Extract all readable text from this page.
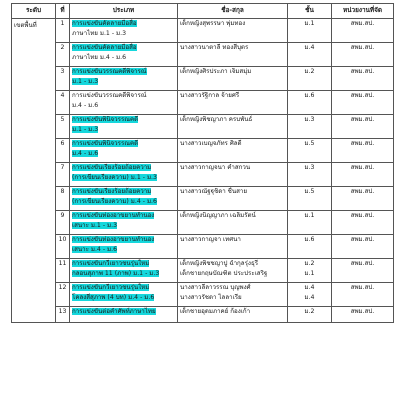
ระดับ	ที่	ประเภท	ชื่อ-สกุล	ชั้น	หน่วยงานที่จัด

เขตพื้นที่	1	การแข่งขันคัดลายมือสื่อ
ภาษาไทย ม.1 - ม.3	เด็กหญิงสุพรรษา พุ่มทอง	ม.1	สพม.สป.
	2	การแข่งขันคัดลายมือสื่อ
ภาษาไทย ม.4 - ม.6	นางสาวนาตาลี ทองสีบุตร	ม.4	สพม.สป.
	3	การแข่งขันวรรณคดีพิจารณ์
ม.1 - ม.3	เด็กหญิงศิรประภา เจิมสมุ่ม	ม.2	สพม.สป.
	4	การแข่งขันวรรณคดีพิจารณ์
ม.4 - ม.6	นางสาวรัฐิกาล จ้ายศรี	ม.6	สพม.สป.
	5	การแข่งขันพินิจวรรณคดี
ม.1 - ม.3	เด็กหญิงพิชญาภา ครบพันธ์	ม.3	สพม.สป.
	6	การแข่งขันพินิจวรรณคดี
ม.4 - ม.6	นางสาวเบญจภัทร ศิลดี	ม.5	สพม.สป.
	7	การแข่งขันเรียงร้อยถ้อยความ
(การเขียนเรียงความ) ม.1 - ม.3	นางสาวกาญจนา คำสกวน	ม.3	สพม.สป.
	8	การแข่งขันเรียงร้อยถ้อยความ
(การเขียนเรียงความ) ม.4 - ม.6	นางสาวณัฐฐุชิดา ชื่นสาย	ม.5	สพม.สป.
	9	การแข่งขันท่องอาขยานทำนอง
เสนาะ ม.1 - ม.3	เด็กหญิงนิญญาภา เฉลิมรัตน์	ม.1	สพม.สป.
	10	การแข่งขันท่องอาขยานทำนอง
เสนาะ ม.4 - ม.6	นางสาวกาญจา เทศนา	ม.6	สพม.สป.
	11	การแข่งขันกวีเยาวชนรุ่นใหม่
กลอนสุภาพ 11 (ภาพ) ม.1 - ม.3	เด็กหญิงพิชชญาปู ฉำกุลรุ่งธุรี
เด็กชายกฤษบัณฑิต ประประเสริฐ	ม.2
ม.1	สพม.สป.
	12	การแข่งขันกวีเยาวชนรุ่นใหม่
โคลงสี่สุภาพ (4 บท) ม.4 - ม.6	นางสาวลีลาวรรณ บุญพงศ์
นางสาวรัชดา ไลลาเรีย	ม.4
ม.4	สพม.สป.
	13	การแข่งขันต่อคำศัพท์ภาษาไทย	เด็กชายอุดมภาคย์ ก้องเก้า	ม.2	สพม.สป.
